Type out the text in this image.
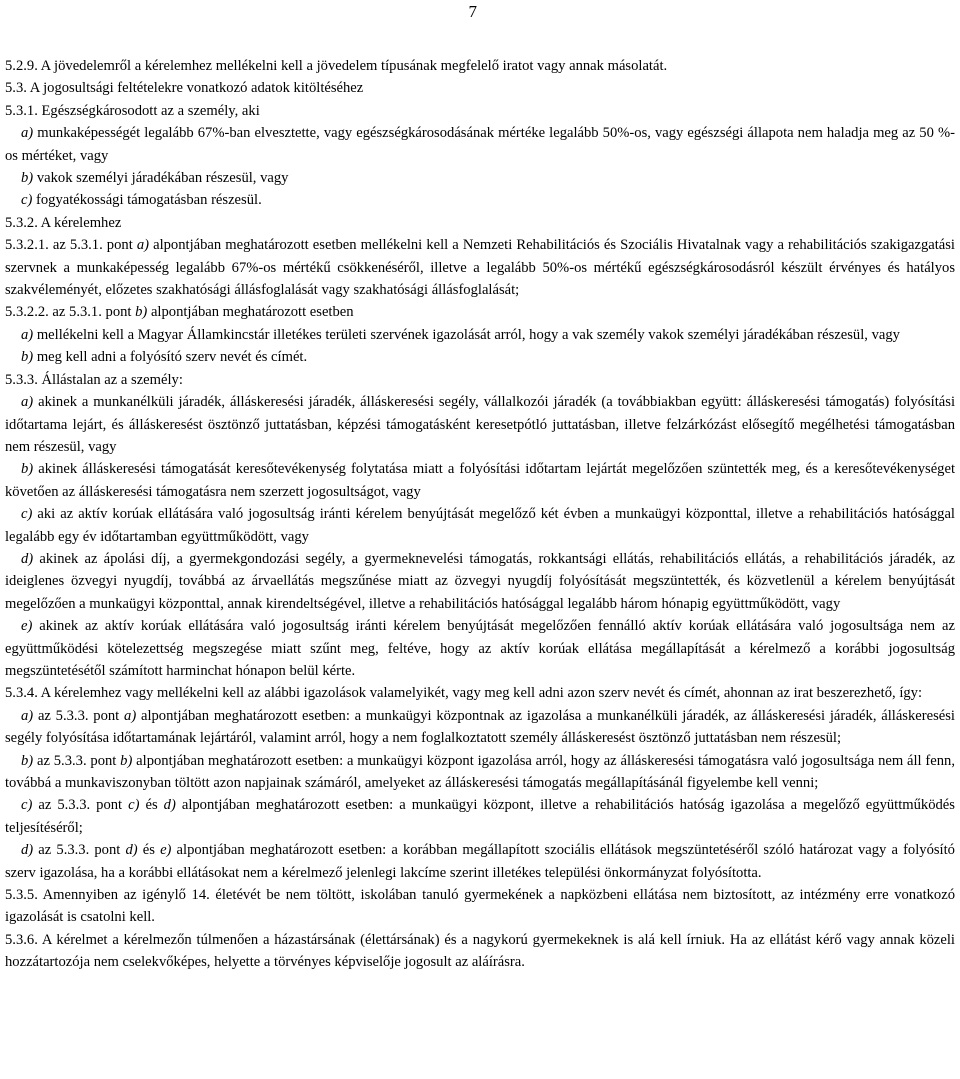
7

5.2.9. A jövedelemről a kérelemhez mellékelni kell a jövedelem típusának megfelelő iratot vagy annak másolatát.

5.3. A jogosultsági feltételekre vonatkozó adatok kitöltéséhez

5.3.1. Egészségkárosodott az a személy, aki

a) munkaképességét legalább 67%-ban elvesztette, vagy egészségkárosodásának mértéke legalább 50%-os, vagy egészségi állapota nem haladja meg az 50 %-os mértéket, vagy

b) vakok személyi járadékában részesül, vagy

c) fogyatékossági támogatásban részesül.

5.3.2. A kérelemhez

5.3.2.1. az 5.3.1. pont a) alpontjában meghatározott esetben mellékelni kell a Nemzeti Rehabilitációs és Szociális Hivatalnak vagy a rehabilitációs szakigazgatási szervnek a munkaképesség legalább 67%-os mértékű csökkenéséről, illetve a legalább 50%-os mértékű egészségkárosodásról készült érvényes és hatályos szakvéleményét, előzetes szakhatósági állásfoglalását vagy szakhatósági állásfoglalását;

5.3.2.2. az 5.3.1. pont b) alpontjában meghatározott esetben

a) mellékelni kell a Magyar Államkincstár illetékes területi szervének igazolását arról, hogy a vak személy vakok személyi járadékában részesül, vagy

b) meg kell adni a folyósító szerv nevét és címét.

5.3.3. Állástalan az a személy:

a) akinek a munkanélküli járadék, álláskeresési járadék, álláskeresési segély, vállalkozói járadék (a továbbiakban együtt: álláskeresési támogatás) folyósítási időtartama lejárt, és álláskeresést ösztönző juttatásban, képzési támogatásként keresetpótló juttatásban, illetve felzárkózást elősegítő megélhetési támogatásban nem részesül, vagy

b) akinek álláskeresési támogatását keresőtevékenység folytatása miatt a folyósítási időtartam lejártát megelőzően szüntették meg, és a keresőtevékenységet követően az álláskeresési támogatásra nem szerzett jogosultságot, vagy

c) aki az aktív korúak ellátására való jogosultság iránti kérelem benyújtását megelőző két évben a munkaügyi központtal, illetve a rehabilitációs hatósággal legalább egy év időtartamban együttműködött, vagy

d) akinek az ápolási díj, a gyermekgondozási segély, a gyermeknevelési támogatás, rokkantsági ellátás, rehabilitációs ellátás, a rehabilitációs járadék, az ideiglenes özvegyi nyugdíj, továbbá az árvaellátás megszűnése miatt az özvegyi nyugdíj folyósítását megszüntették, és közvetlenül a kérelem benyújtását megelőzően a munkaügyi központtal, annak kirendeltségével, illetve a rehabilitációs hatósággal legalább három hónapig együttműködött, vagy

e) akinek az aktív korúak ellátására való jogosultság iránti kérelem benyújtását megelőzően fennálló aktív korúak ellátására való jogosultsága nem az együttműködési kötelezettség megszegése miatt szűnt meg, feltéve, hogy az aktív korúak ellátása megállapítását a kérelmező a korábbi jogosultság megszüntetésétől számított harminchat hónapon belül kérte.

5.3.4. A kérelemhez vagy mellékelni kell az alábbi igazolások valamelyikét, vagy meg kell adni azon szerv nevét és címét, ahonnan az irat beszerezhető, így:

a) az 5.3.3. pont a) alpontjában meghatározott esetben: a munkaügyi központnak az igazolása a munkanélküli járadék, az álláskeresési járadék, álláskeresési segély folyósítása időtartamának lejártáról, valamint arról, hogy a nem foglalkoztatott személy álláskeresést ösztönző juttatásban nem részesül;

b) az 5.3.3. pont b) alpontjában meghatározott esetben: a munkaügyi központ igazolása arról, hogy az álláskeresési támogatásra való jogosultsága nem áll fenn, továbbá a munkaviszonyban töltött azon napjainak számáról, amelyeket az álláskeresési támogatás megállapításánál figyelembe kell venni;

c) az 5.3.3. pont c) és d) alpontjában meghatározott esetben: a munkaügyi központ, illetve a rehabilitációs hatóság igazolása a megelőző együttműködés teljesítéséről;

d) az 5.3.3. pont d) és e) alpontjában meghatározott esetben: a korábban megállapított szociális ellátások megszüntetéséről szóló határozat vagy a folyósító szerv igazolása, ha a korábbi ellátásokat nem a kérelmező jelenlegi lakcíme szerint illetékes települési önkormányzat folyósította.

5.3.5. Amennyiben az igénylő 14. életévét be nem töltött, iskolában tanuló gyermekének a napközbeni ellátása nem biztosított, az intézmény erre vonatkozó igazolását is csatolni kell.

5.3.6. A kérelmet a kérelmezőn túlmenően a házastársának (élettársának) és a nagykorú gyermekeknek is alá kell írniuk. Ha az ellátást kérő vagy annak közeli hozzátartozója nem cselekvőképes, helyette a törvényes képviselője jogosult az aláírásra.
